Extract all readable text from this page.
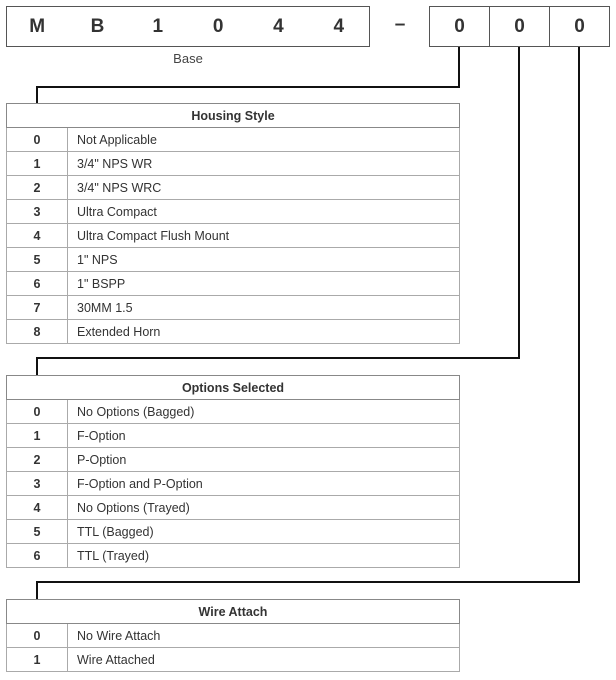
M	B	1	0	4	4
Base
–	0	0	0
Housing Style	
0	Not Applicable
1	3/4" NPS WR
2	3/4" NPS WRC
3	Ultra Compact
4	Ultra Compact Flush Mount
5	1" NPS
6	1" BSPP
7	30MM 1.5
8	Extended Horn
Options Selected	
0	No Options (Bagged)
1	F-Option
2	P-Option
3	F-Option and P-Option
4	No Options (Trayed)
5	TTL (Bagged)
6	TTL (Trayed)
Wire Attach	
0	No Wire Attach
1	Wire Attached
